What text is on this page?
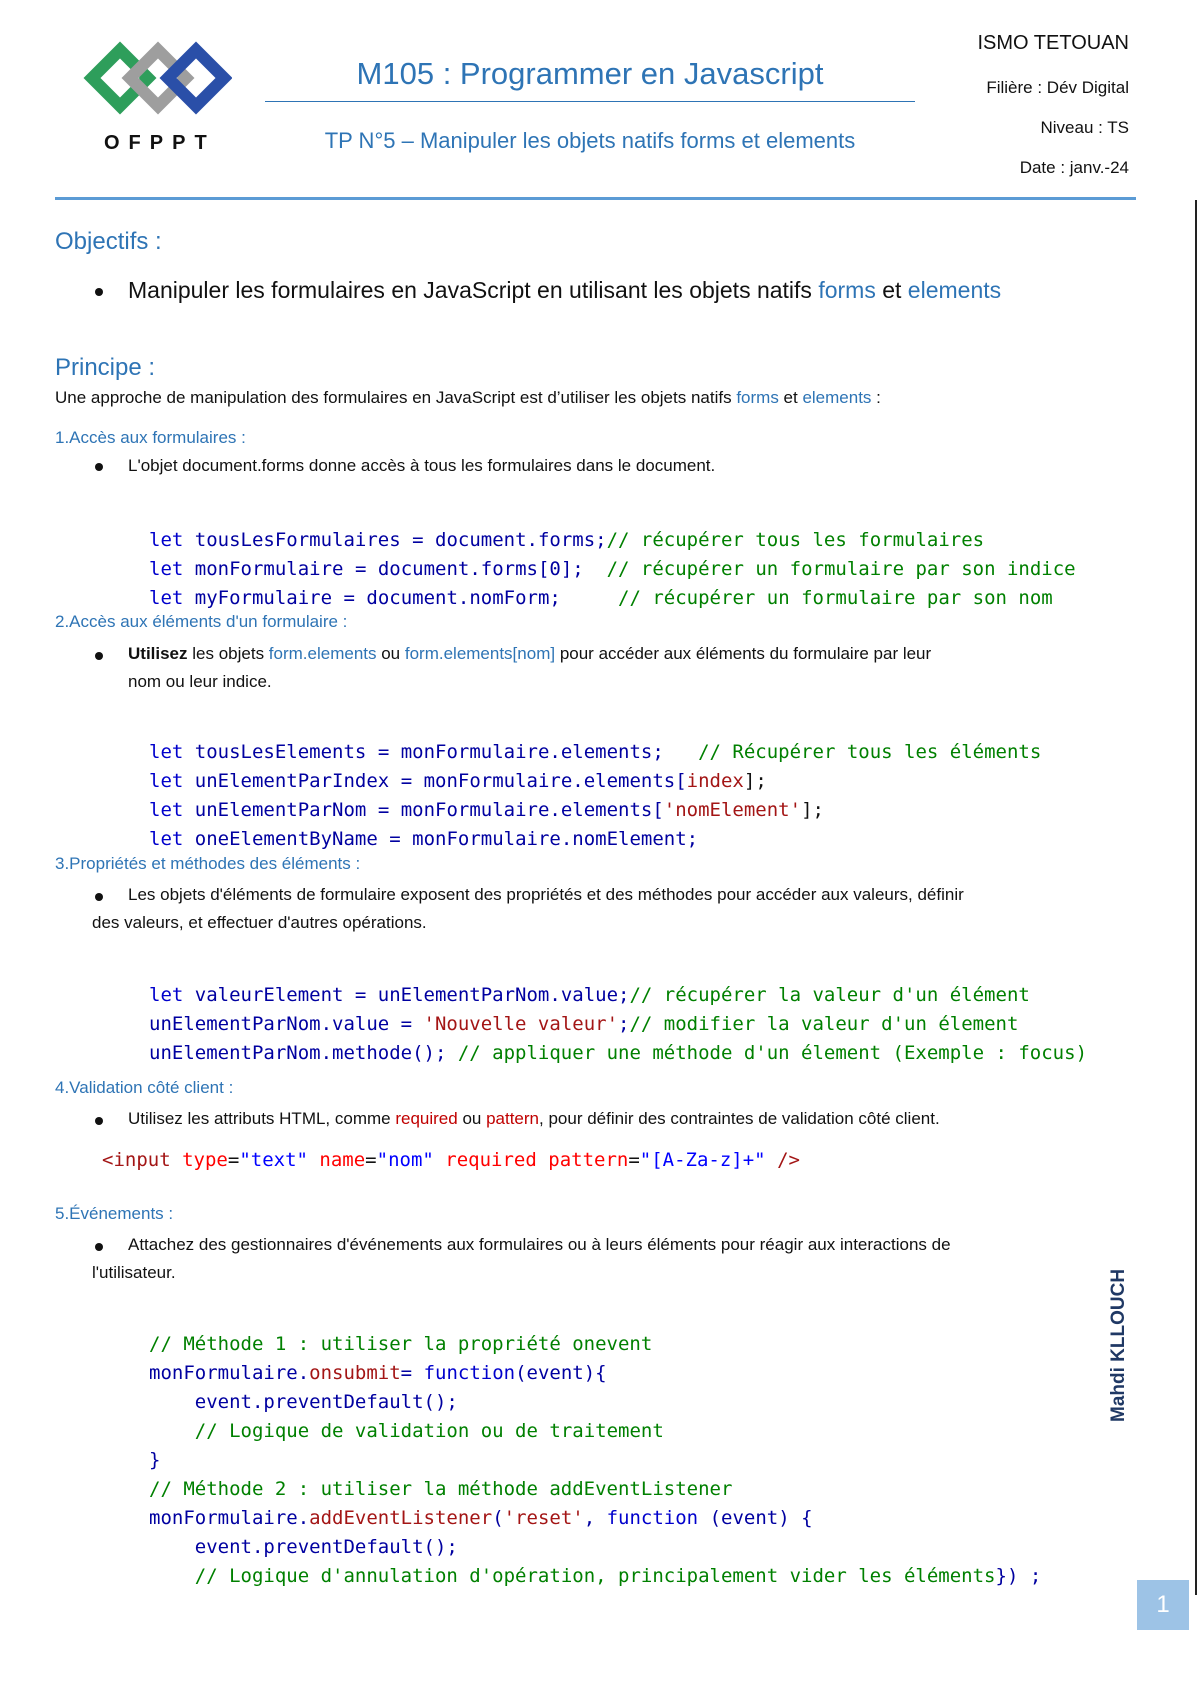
OFPPT
M105 : Programmer en Javascript
TP N°5 – Manipuler les objets natifs forms et elements
ISMO TETOUAN
Filière : Dév Digital
Niveau : TS
Date : janv.-24
Objectifs :
Manipuler les formulaires en JavaScript en utilisant les objets natifs forms et elements
Principe :
Une approche de manipulation des formulaires en JavaScript est d’utiliser les objets natifs forms et elements :
1.Accès aux formulaires :
L'objet document.forms donne accès à tous les formulaires dans le document.

let tousLesFormulaires = document.forms;// récupérer tous les formulaires
let monFormulaire = document.forms[0];  // récupérer un formulaire par son indice
let myFormulaire = document.nomForm;     // récupérer un formulaire par son nom

2.Accès aux éléments d'un formulaire :
Utilisez les objets form.elements ou form.elements[nom] pour accéder aux éléments du formulaire par leur
nom ou leur indice.

let tousLesElements = monFormulaire.elements;   // Récupérer tous les éléments
let unElementParIndex = monFormulaire.elements[index];
let unElementParNom = monFormulaire.elements['nomElement'];
let oneElementByName = monFormulaire.nomElement;

3.Propriétés et méthodes des éléments :
Les objets d'éléments de formulaire exposent des propriétés et des méthodes pour accéder aux valeurs, définir
des valeurs, et effectuer d'autres opérations.

let valeurElement = unElementParNom.value;// récupérer la valeur d'un élément
unElementParNom.value = 'Nouvelle valeur';// modifier la valeur d'un élement
unElementParNom.methode(); // appliquer une méthode d'un élement (Exemple : focus)

4.Validation côté client :
Utilisez les attributs HTML, comme required ou pattern, pour définir des contraintes de validation côté client.
<input type="text" name="nom" required pattern="[A-Za-z]+" />
5.Événements :
Attachez des gestionnaires d'événements aux formulaires ou à leurs éléments pour réagir aux interactions de
l'utilisateur.

// Méthode 1 : utiliser la propriété onevent
monFormulaire.onsubmit= function(event){
event.preventDefault();
// Logique de validation ou de traitement
}
// Méthode 2 : utiliser la méthode addEventListener
monFormulaire.addEventListener('reset', function (event) {
event.preventDefault();
// Logique d'annulation d'opération, principalement vider les éléments}) ;

Mahdi KLLOUCH
1
